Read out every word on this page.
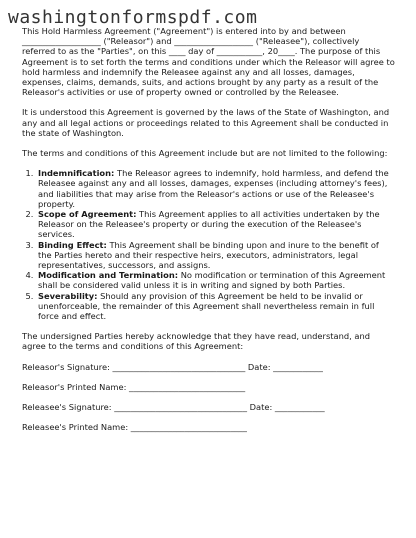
washingtonformspdf.com

This Hold Harmless Agreement ("Agreement") is entered into by and between ___________________ ("Releasor") and ___________________ ("Releasee"), collectively referred to as the "Parties", on this ____ day of ___________, 20____. The purpose of this Agreement is to set forth the terms and conditions under which the Releasor will agree to hold harmless and indemnify the Releasee against any and all losses, damages, expenses, claims, demands, suits, and actions brought by any party as a result of the Releasor's activities or use of property owned or controlled by the Releasee.

It is understood this Agreement is governed by the laws of the State of Washington, and any and all legal actions or proceedings related to this Agreement shall be conducted in the state of Washington.

The terms and conditions of this Agreement include but are not limited to the following:

1. Indemnification: The Releasor agrees to indemnify, hold harmless, and defend the Releasee against any and all losses, damages, expenses (including attorney's fees), and liabilities that may arise from the Releasor's actions or use of the Releasee's property.
2. Scope of Agreement: This Agreement applies to all activities undertaken by the Releasor on the Releasee's property or during the execution of the Releasee's services.
3. Binding Effect: This Agreement shall be binding upon and inure to the benefit of the Parties hereto and their respective heirs, executors, administrators, legal representatives, successors, and assigns.
4. Modification and Termination: No modification or termination of this Agreement shall be considered valid unless it is in writing and signed by both Parties.
5. Severability: Should any provision of this Agreement be held to be invalid or unenforceable, the remainder of this Agreement shall nevertheless remain in full force and effect.

The undersigned Parties hereby acknowledge that they have read, understand, and agree to the terms and conditions of this Agreement:

Releasor's Signature: ________________________________ Date: ____________
Releasor's Printed Name: ____________________________
Releasee's Signature: ________________________________ Date: ____________
Releasee's Printed Name: ____________________________
